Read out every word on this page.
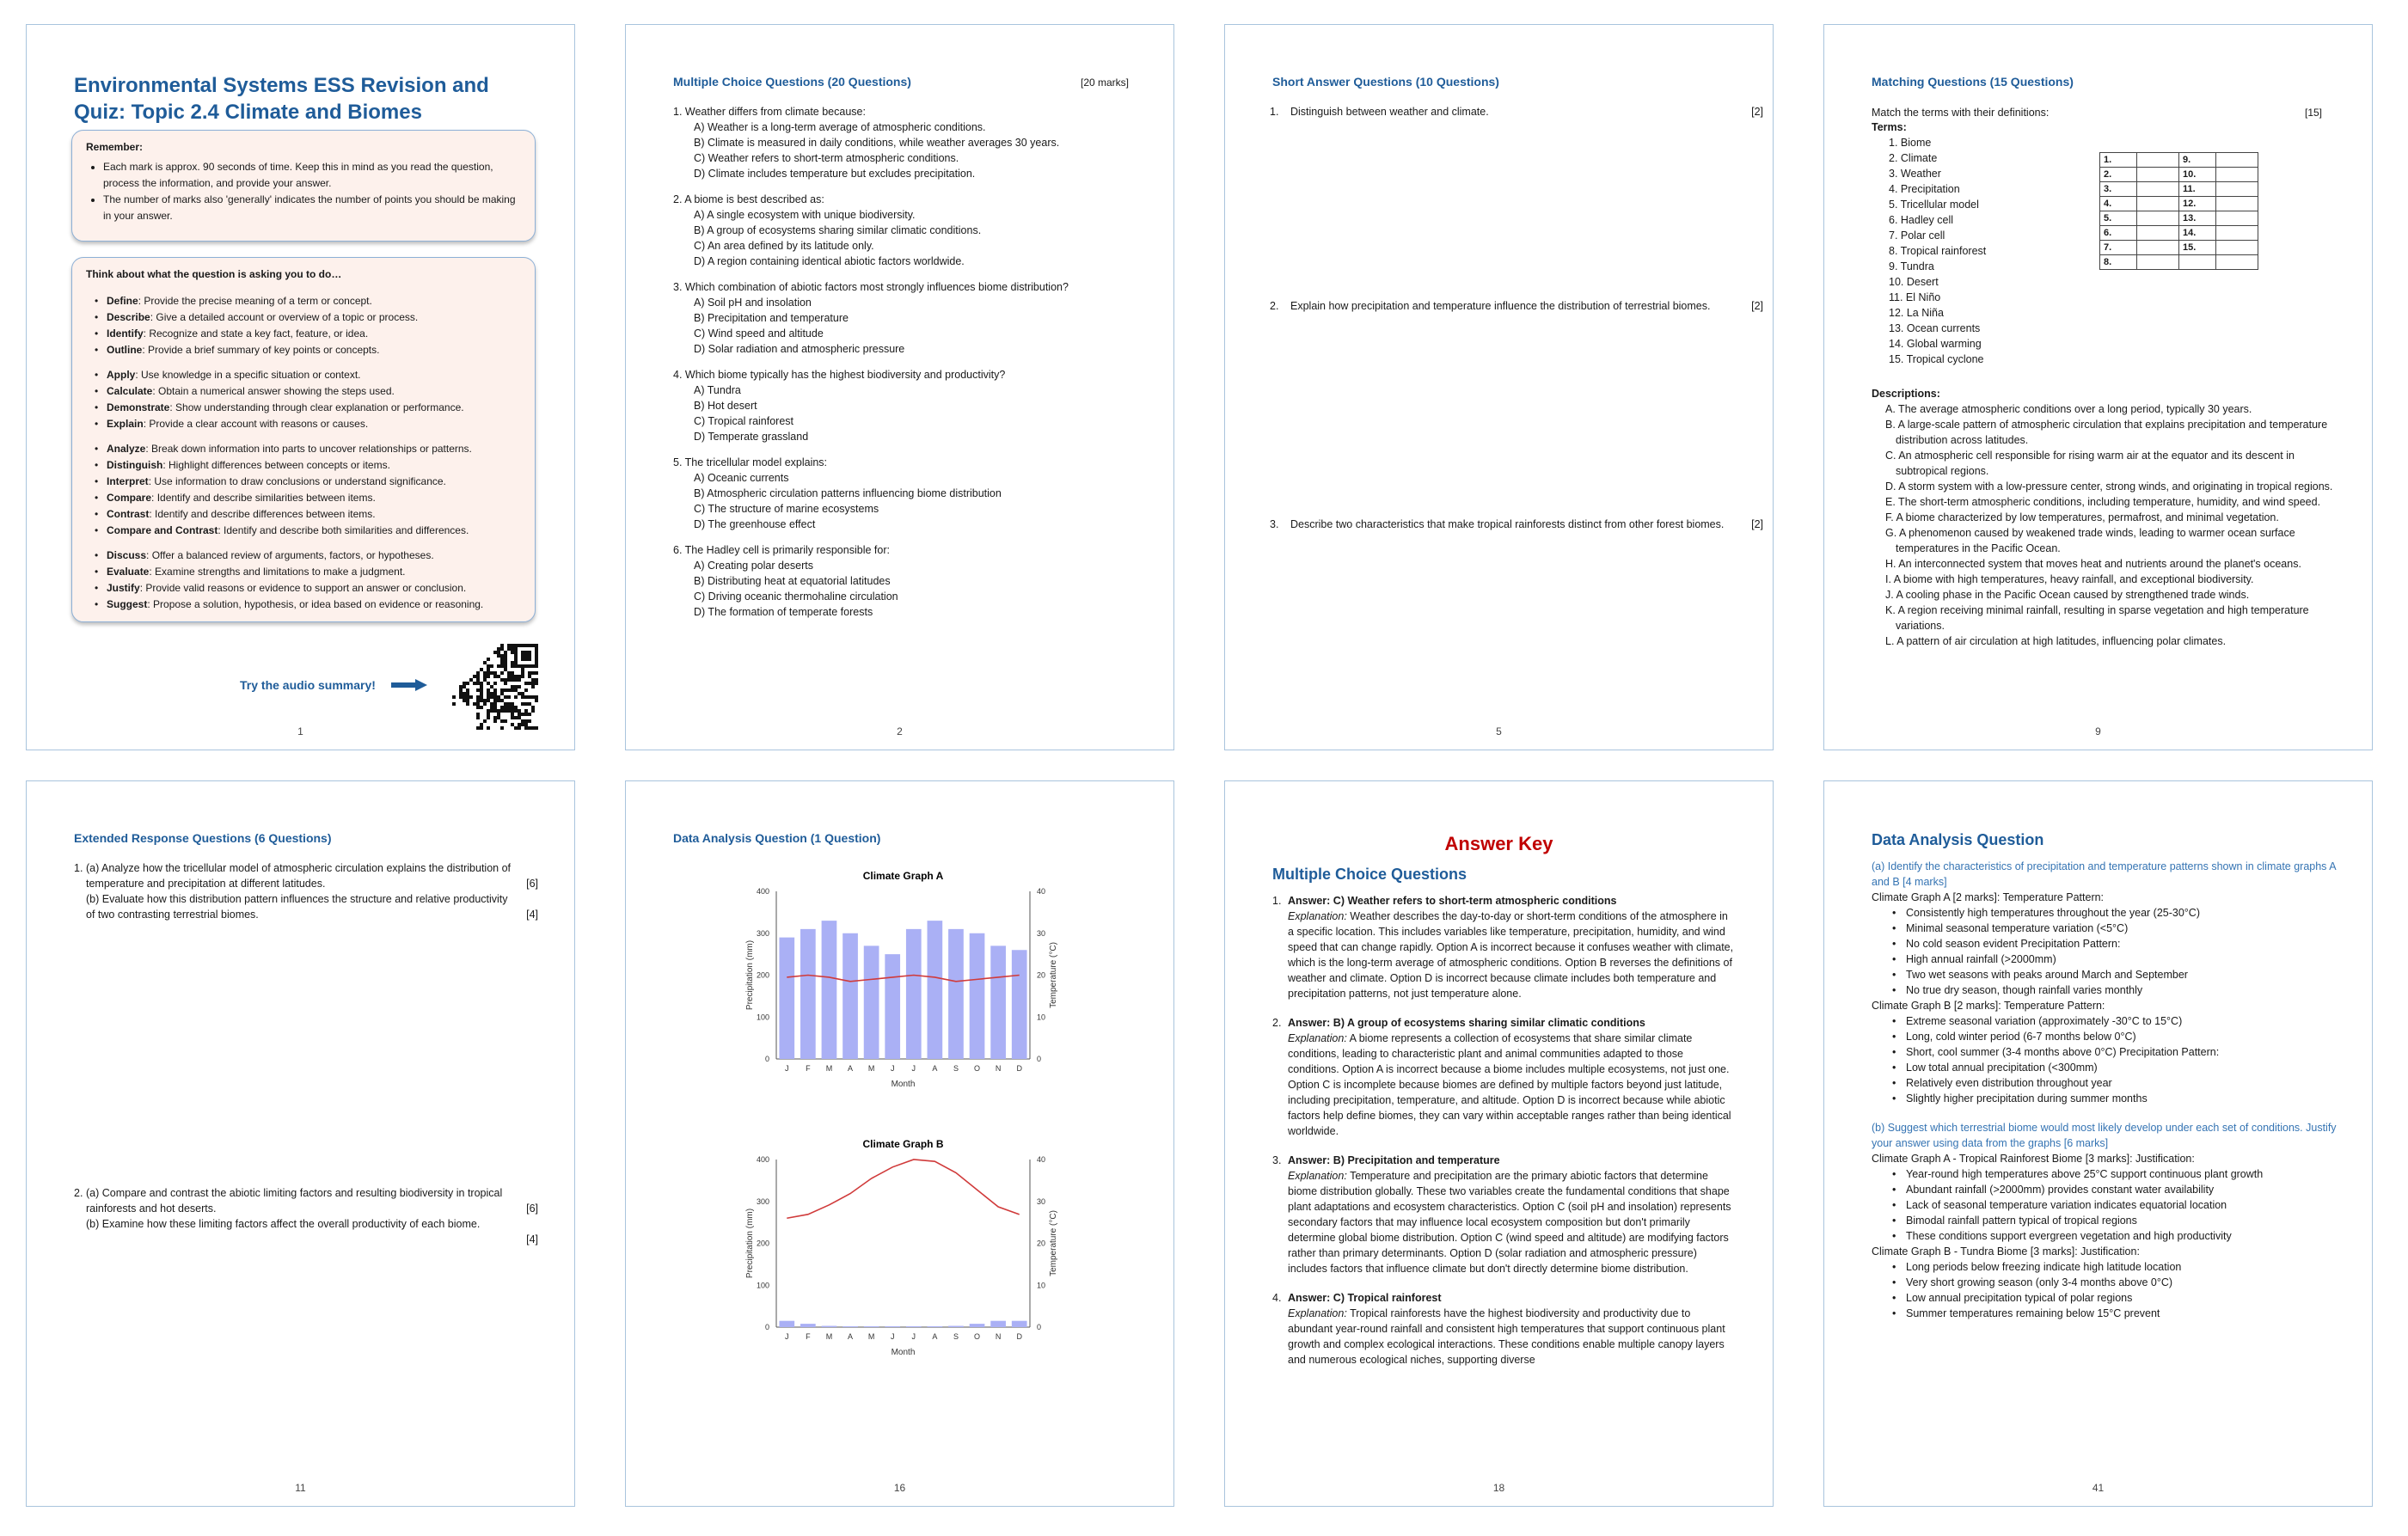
Environmental Systems ESS Revision and Quiz: Topic 2.4 Climate and Biomes
Remember:
• Each mark is approx. 90 seconds of time. Keep this in mind as you read the question, process the information, and provide your answer.
• The number of marks also 'generally' indicates the number of points you should be making in your answer.
Think about what the question is asking you to do…
• Define: Provide the precise meaning of a term or concept.
• Describe: Give a detailed account or overview of a topic or process.
• Identify: Recognize and state a key fact, feature, or idea.
• Outline: Provide a brief summary of key points or concepts.
• Apply: Use knowledge in a specific situation or context.
• Calculate: Obtain a numerical answer showing the steps used.
• Demonstrate: Show understanding through clear explanation or performance.
• Explain: Provide a clear account with reasons or causes.
• Analyze: Break down information into parts to uncover relationships or patterns.
• Distinguish: Highlight differences between concepts or items.
• Interpret: Use information to draw conclusions or understand significance.
• Compare: Identify and describe similarities between items.
• Contrast: Identify and describe differences between items.
• Compare and Contrast: Identify and describe both similarities and differences.
• Discuss: Offer a balanced review of arguments, factors, or hypotheses.
• Evaluate: Examine strengths and limitations to make a judgment.
• Justify: Provide valid reasons or evidence to support an answer or conclusion.
• Suggest: Propose a solution, hypothesis, or idea based on evidence or reasoning.
Try the audio summary!
1
Multiple Choice Questions (20 Questions)	[20 marks]
1. Weather differs from climate because:
A) Weather is a long-term average of atmospheric conditions.
B) Climate is measured in daily conditions, while weather averages 30 years.
C) Weather refers to short-term atmospheric conditions.
D) Climate includes temperature but excludes precipitation.
2. A biome is best described as:
A) A single ecosystem with unique biodiversity.
B) A group of ecosystems sharing similar climatic conditions.
C) An area defined by its latitude only.
D) A region containing identical abiotic factors worldwide.
3. Which combination of abiotic factors most strongly influences biome distribution?
A) Soil pH and insolation
B) Precipitation and temperature
C) Wind speed and altitude
D) Solar radiation and atmospheric pressure
4. Which biome typically has the highest biodiversity and productivity?
A) Tundra
B) Hot desert
C) Tropical rainforest
D) Temperate grassland
5. The tricellular model explains:
A) Oceanic currents
B) Atmospheric circulation patterns influencing biome distribution
C) The structure of marine ecosystems
D) The greenhouse effect
6. The Hadley cell is primarily responsible for:
A) Creating polar deserts
B) Distributing heat at equatorial latitudes
C) Driving oceanic thermohaline circulation
D) The formation of temperate forests
2
Short Answer Questions (10 Questions)
1. Distinguish between weather and climate.	[2]
2. Explain how precipitation and temperature influence the distribution of terrestrial biomes.	[2]
3. Describe two characteristics that make tropical rainforests distinct from other forest biomes.	[2]
5
Matching Questions (15 Questions)
Match the terms with their definitions:	[15]
Terms:
1. Biome
2. Climate
3. Weather
4. Precipitation
5. Tricellular model
6. Hadley cell
7. Polar cell
8. Tropical rainforest
9. Tundra
10. Desert
11. El Niño
12. La Niña
13. Ocean currents
14. Global warming
15. Tropical cyclone
1.		9.	
2.		10.	
3.		11.	
4.		12.	
5.		13.	
6.		14.	
7.		15.	
8.			
Descriptions:
A. The average atmospheric conditions over a long period, typically 30 years.
B. A large-scale pattern of atmospheric circulation that explains precipitation and temperature distribution across latitudes.
C. An atmospheric cell responsible for rising warm air at the equator and its descent in subtropical regions.
D. A storm system with a low-pressure center, strong winds, and originating in tropical regions.
E. The short-term atmospheric conditions, including temperature, humidity, and wind speed.
F. A biome characterized by low temperatures, permafrost, and minimal vegetation.
G. A phenomenon caused by weakened trade winds, leading to warmer ocean surface temperatures in the Pacific Ocean.
H. An interconnected system that moves heat and nutrients around the planet's oceans.
I. A biome with high temperatures, heavy rainfall, and exceptional biodiversity.
J. A cooling phase in the Pacific Ocean caused by strengthened trade winds.
K. A region receiving minimal rainfall, resulting in sparse vegetation and high temperature variations.
L. A pattern of air circulation at high latitudes, influencing polar climates.
9
Extended Response Questions (6 Questions)
1. (a) Analyze how the tricellular model of atmospheric circulation explains the distribution of temperature and precipitation at different latitudes.	[6]
(b) Evaluate how this distribution pattern influences the structure and relative productivity of two contrasting terrestrial biomes.	[4]
2. (a) Compare and contrast the abiotic limiting factors and resulting biodiversity in tropical rainforests and hot deserts.	[6]
(b) Examine how these limiting factors affect the overall productivity of each biome.
[4]
11
Data Analysis Question (1 Question)
Climate Graph A
0
100
200
300
400
0
10
20
30
40
Precipitation (mm)	Temperature (°C)
J F M A M J J A S O N D
Month
Climate Graph B
0
100
200
300
400
0
10
20
30
40
Precipitation (mm)	Temperature (°C)
J F M A M J J A S O N D
Month
16
Answer Key
Multiple Choice Questions
1. Answer: C) Weather refers to short-term atmospheric conditions
Explanation: Weather describes the day-to-day or short-term conditions of the atmosphere in a specific location. This includes variables like temperature, precipitation, humidity, and wind speed that can change rapidly. Option A is incorrect because it confuses weather with climate, which is the long-term average of atmospheric conditions. Option B reverses the definitions of weather and climate. Option D is incorrect because climate includes both temperature and precipitation patterns, not just temperature alone.
2. Answer: B) A group of ecosystems sharing similar climatic conditions
Explanation: A biome represents a collection of ecosystems that share similar climate conditions, leading to characteristic plant and animal communities adapted to those conditions. Option A is incorrect because a biome includes multiple ecosystems, not just one. Option C is incomplete because biomes are defined by multiple factors beyond just latitude, including precipitation, temperature, and altitude. Option D is incorrect because while abiotic factors help define biomes, they can vary within acceptable ranges rather than being identical worldwide.
3. Answer: B) Precipitation and temperature
Explanation: Temperature and precipitation are the primary abiotic factors that determine biome distribution globally. These two variables create the fundamental conditions that shape plant adaptations and ecosystem characteristics. Option C (soil pH and insolation) represents secondary factors that may influence local ecosystem composition but don't primarily determine global biome distribution. Option C (wind speed and altitude) are modifying factors rather than primary determinants. Option D (solar radiation and atmospheric pressure) includes factors that influence climate but don't directly determine biome distribution.
4. Answer: C) Tropical rainforest
Explanation: Tropical rainforests have the highest biodiversity and productivity due to abundant year-round rainfall and consistent high temperatures that support continuous plant growth and complex ecological interactions. These conditions enable multiple canopy layers and numerous ecological niches, supporting diverse
18
Data Analysis Question
(a) Identify the characteristics of precipitation and temperature patterns shown in climate graphs A and B [4 marks]
Climate Graph A [2 marks]: Temperature Pattern:
Consistently high temperatures throughout the year (25-30°C)
•
Minimal seasonal temperature variation (<5°C)
•
No cold season evident Precipitation Pattern:
•
High annual rainfall (>2000mm)
•
Two wet seasons with peaks around March and September
•
No true dry season, though rainfall varies monthly
•
Climate Graph B [2 marks]: Temperature Pattern:
Extreme seasonal variation (approximately -30°C to 15°C)
•
Long, cold winter period (6-7 months below 0°C)
•
Short, cool summer (3-4 months above 0°C) Precipitation Pattern:
•
Low total annual precipitation (<300mm)
•
Relatively even distribution throughout year
•
Slightly higher precipitation during summer months
•
(b) Suggest which terrestrial biome would most likely develop under each set of conditions. Justify your answer using data from the graphs [6 marks]
Climate Graph A - Tropical Rainforest Biome [3 marks]: Justification:
Year-round high temperatures above 25°C support continuous plant growth
•
Abundant rainfall (>2000mm) provides constant water availability
•
Lack of seasonal temperature variation indicates equatorial location
•
Bimodal rainfall pattern typical of tropical regions
•
These conditions support evergreen vegetation and high productivity
•
Climate Graph B - Tundra Biome [3 marks]: Justification:
Long periods below freezing indicate high latitude location
•
Very short growing season (only 3-4 months above 0°C)
•
Low annual precipitation typical of polar regions
•
Summer temperatures remaining below 15°C prevent
•
41
